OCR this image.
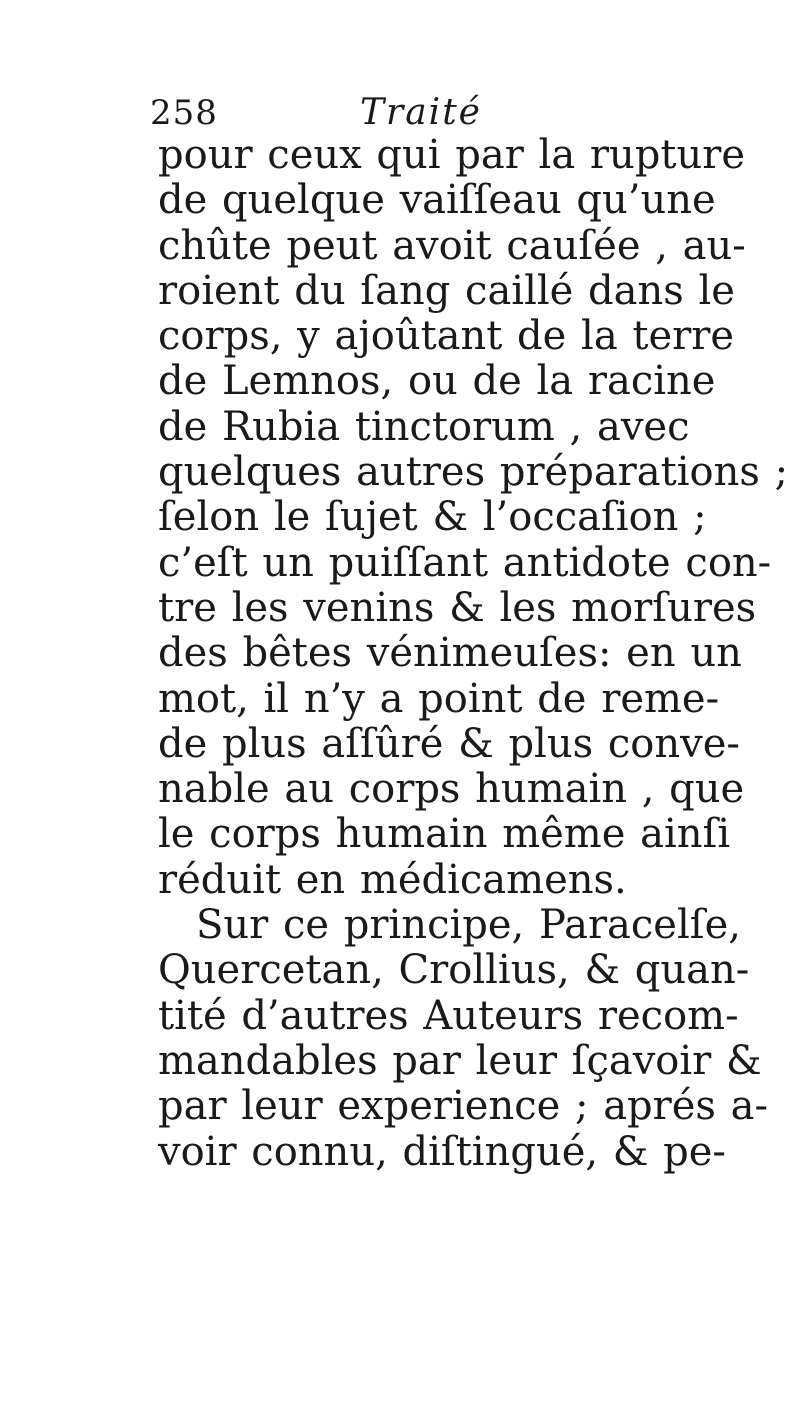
258	Traité
pour ceux qui par la rupture
de quelque vaiſſeau qu’une
chûte peut avoit cauſée , au-
roient du ſang caillé dans le
corps, y ajoûtant de la terre
de Lemnos, ou de la racine
de Rubia tinctorum , avec
quelques autres préparations ;
ſelon le ſujet & l’occaſion ;
c’eſt un puiſſant antidote con-
tre les venins & les morſures
des bêtes vénimeuſes: en un
mot, il n’y a point de reme-
de plus aſſûré & plus conve-
nable au corps humain , que
le corps humain même ainſi
réduit en médicamens.
Sur ce principe, Paracelſe,
Quercetan, Crollius, & quan-
tité d’autres Auteurs recom-
mandables par leur ſçavoir &
par leur experience ; aprés a-
voir connu, diſtingué, & pe-
